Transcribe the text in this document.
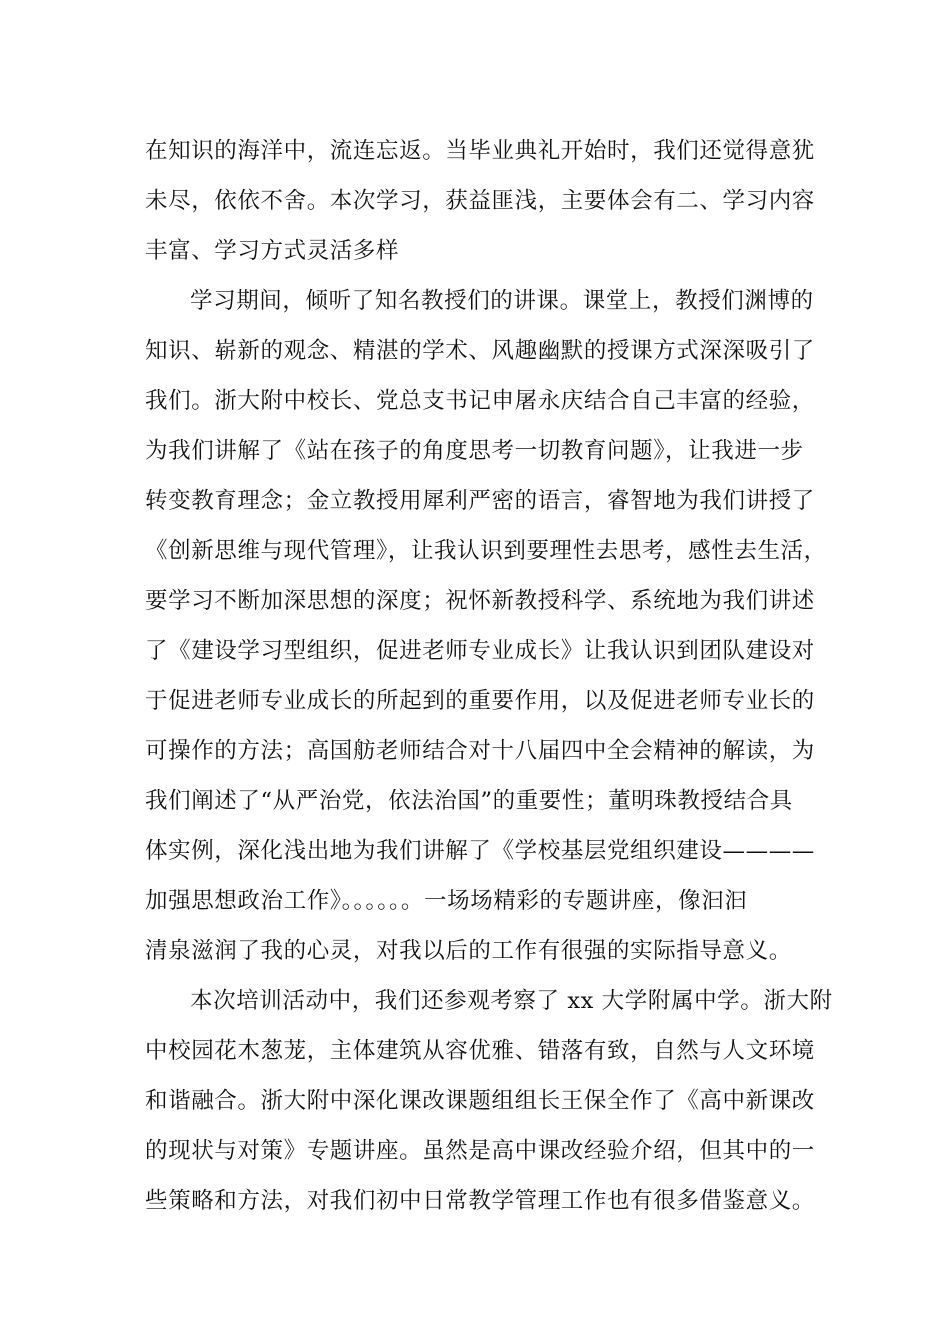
在知识的海洋中，流连忘返。当毕业典礼开始时，我们还觉得意犹
未尽，依依不舍。本次学习，获益匪浅，主要体会有二、学习内容
丰富、学习方式灵活多样
学习期间，倾听了知名教授们的讲课。课堂上，教授们渊博的
知识、崭新的观念、精湛的学术、风趣幽默的授课方式深深吸引了
我们。浙大附中校长、党总支书记申屠永庆结合自己丰富的经验，
为我们讲解了《站在孩子的角度思考一切教育问题》，让我进一步
转变教育理念；金立教授用犀利严密的语言，睿智地为我们讲授了
《创新思维与现代管理》，让我认识到要理性去思考，感性去生活，
要学习不断加深思想的深度；祝怀新教授科学、系统地为我们讲述
了《建设学习型组织，促进老师专业成长》让我认识到团队建设对
于促进老师专业成长的所起到的重要作用，以及促进老师专业长的
可操作的方法；高国舫老师结合对十八届四中全会精神的解读，为
我们阐述了“从严治党，依法治国”的重要性；董明珠教授结合具
体实例，深化浅出地为我们讲解了《学校基层党组织建设————
加强思想政治工作》。。。。。。一场场精彩的专题讲座，像汩汩
清泉滋润了我的心灵，对我以后的工作有很强的实际指导意义。
本次培训活动中，我们还参观考察了 xx 大学附属中学。浙大附
中校园花木葱茏，主体建筑从容优雅、错落有致，自然与人文环境
和谐融合。浙大附中深化课改课题组组长王保全作了《高中新课改
的现状与对策》专题讲座。虽然是高中课改经验介绍，但其中的一
些策略和方法，对我们初中日常教学管理工作也有很多借鉴意义。
